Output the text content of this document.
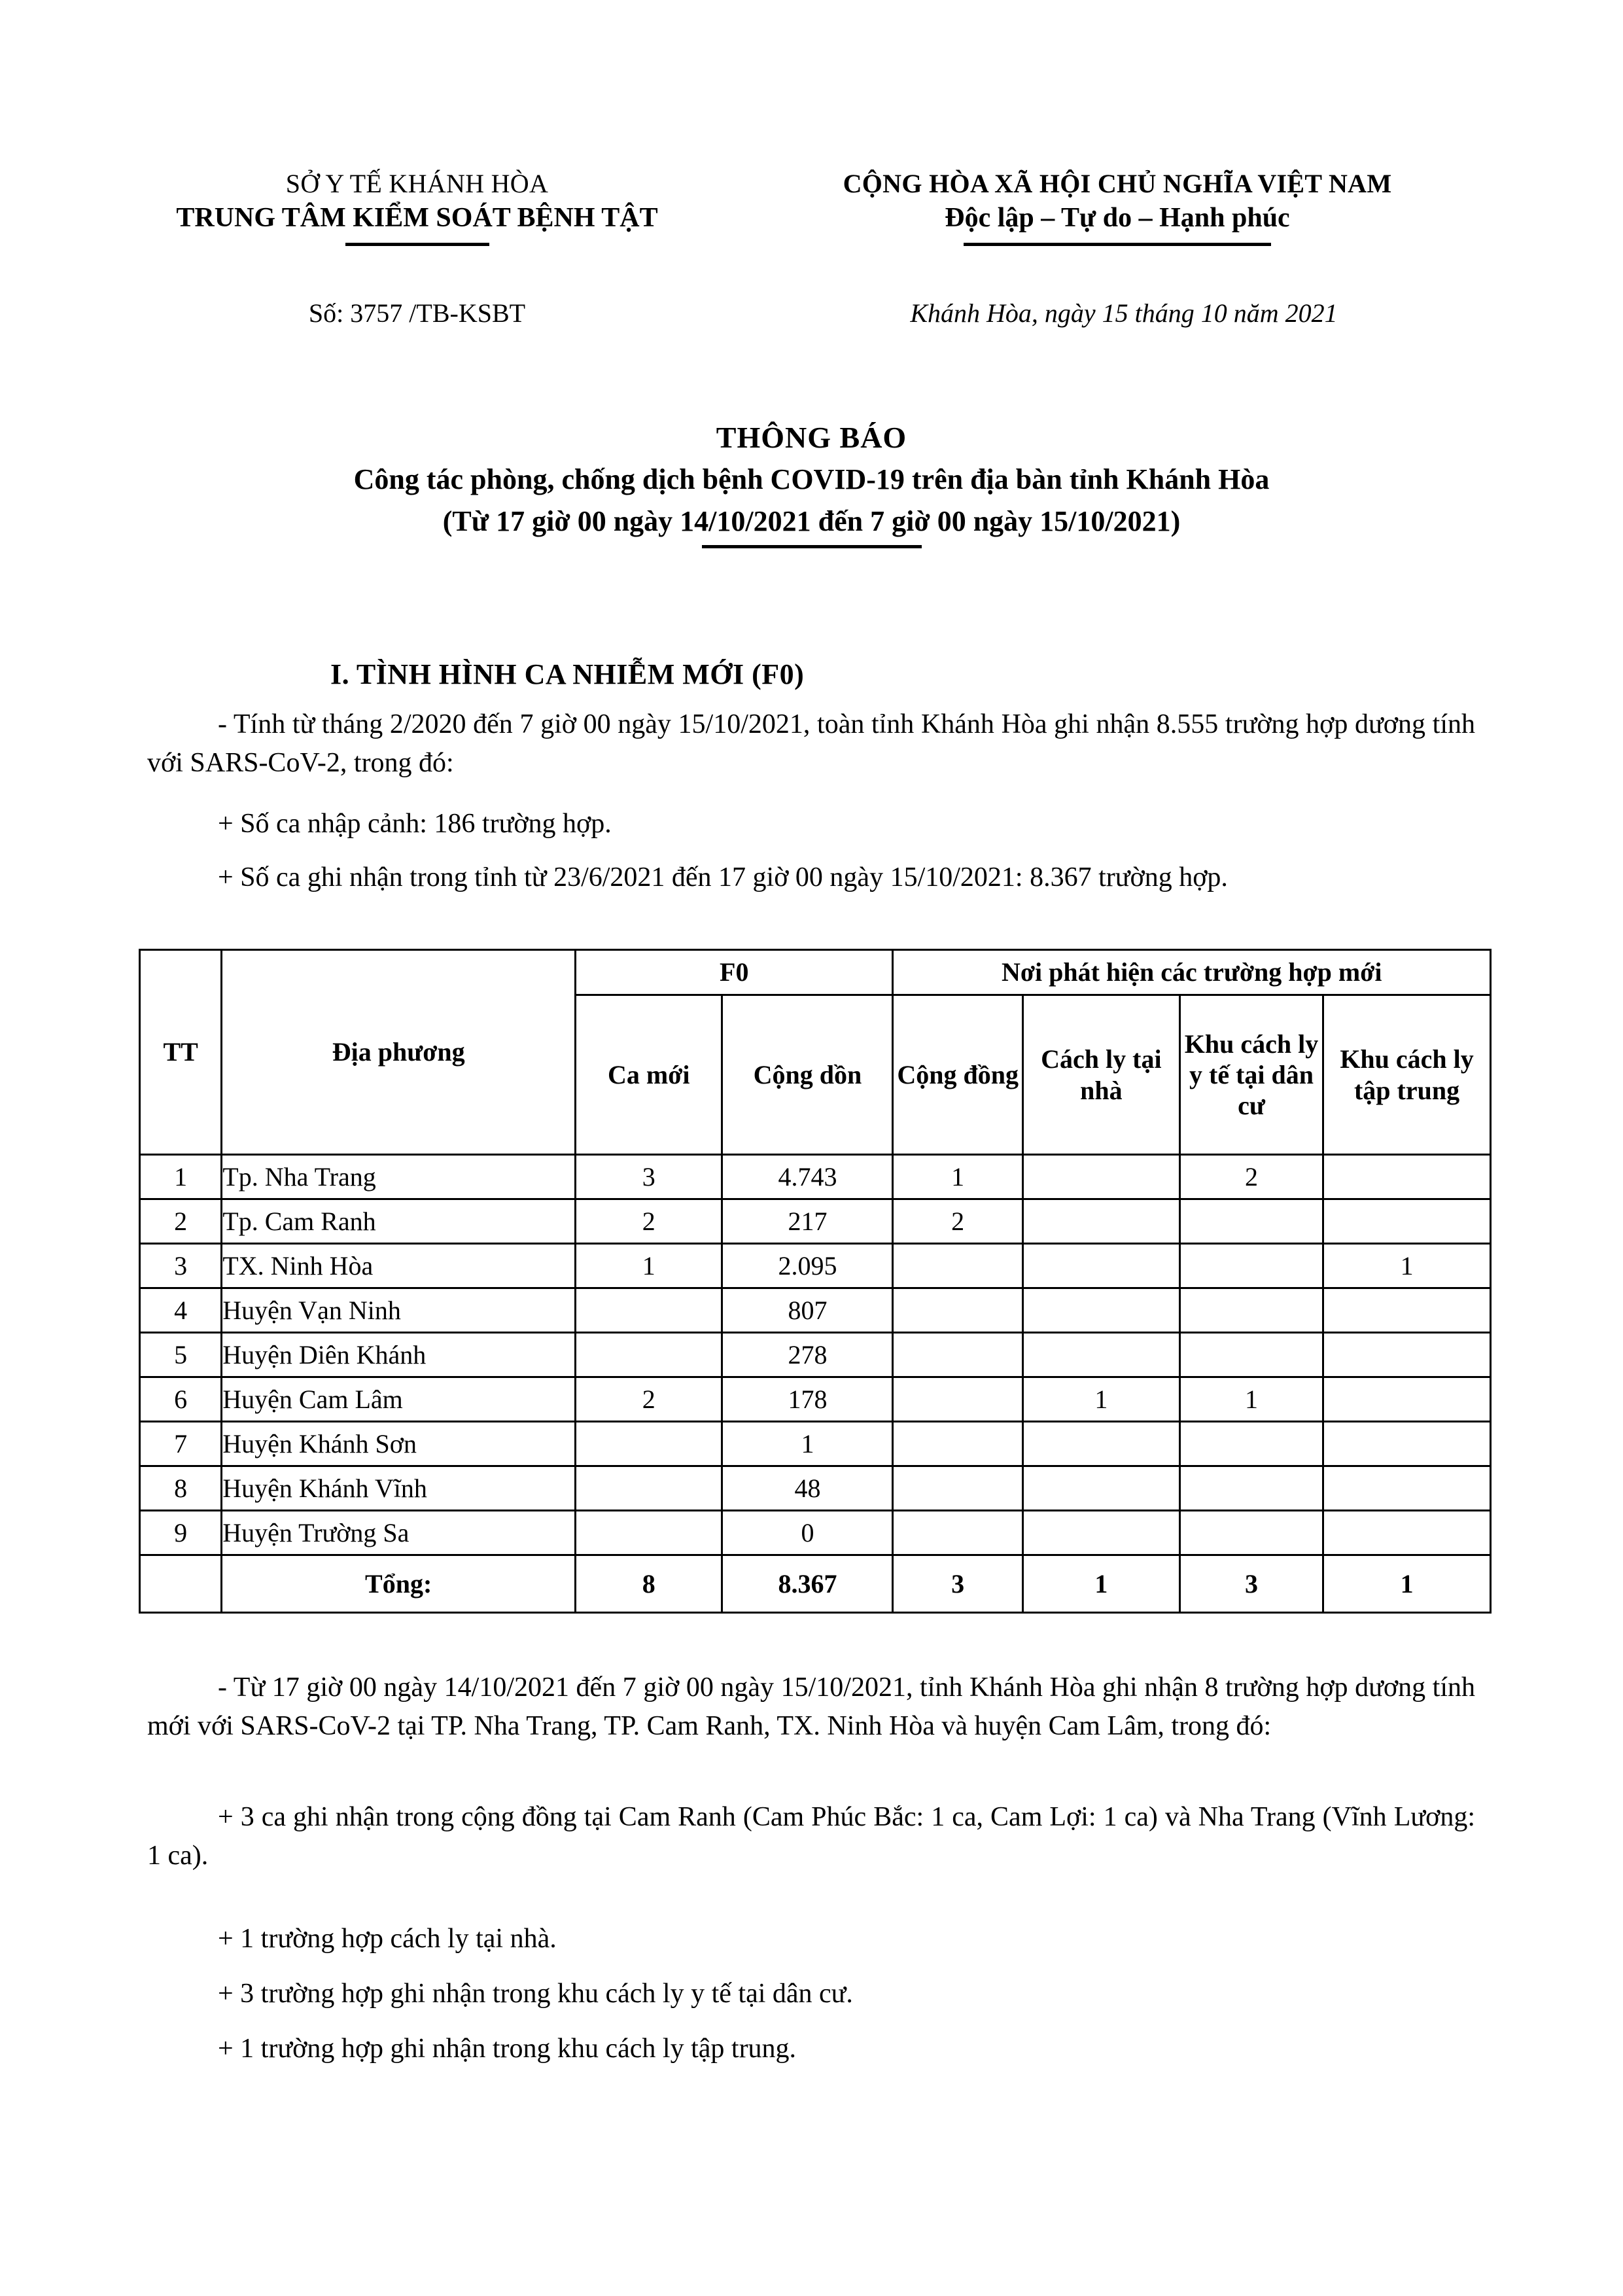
SỞ Y TẾ KHÁNH HÒA
TRUNG TÂM KIỂM SOÁT BỆNH TẬT
CỘNG HÒA XÃ HỘI CHỦ NGHĨA VIỆT NAM
Độc lập – Tự do – Hạnh phúc
Số: 3757 /TB-KSBT	Khánh Hòa, ngày 15 tháng 10 năm 2021
THÔNG BÁO
Công tác phòng, chống dịch bệnh COVID-19 trên địa bàn tỉnh Khánh Hòa
(Từ 17 giờ 00 ngày 14/10/2021 đến 7 giờ 00 ngày 15/10/2021)
I. TÌNH HÌNH CA NHIỄM MỚI (F0)
- Tính từ tháng 2/2020 đến 7 giờ 00 ngày 15/10/2021, toàn tỉnh Khánh Hòa ghi nhận 8.555 trường hợp dương tính với SARS-CoV-2, trong đó:
+ Số ca nhập cảnh: 186 trường hợp.
+ Số ca ghi nhận trong tỉnh từ 23/6/2021 đến 17 giờ 00 ngày 15/10/2021: 8.367 trường hợp.
TT	Địa phương	F0		Nơi phát hiện các trường hợp mới			
		Ca mới	Cộng dồn	Cộng đồng	Cách ly tại nhà	Khu cách ly y tế tại dân cư	Khu cách ly tập trung
1	Tp. Nha Trang	3	4.743	1		2	
2	Tp. Cam Ranh	2	217	2			
3	TX. Ninh Hòa	1	2.095				1
4	Huyện Vạn Ninh		807				
5	Huyện Diên Khánh		278				
6	Huyện Cam Lâm	2	178		1	1	
7	Huyện Khánh Sơn		1				
8	Huyện Khánh Vĩnh		48				
9	Huyện Trường Sa		0				
	Tổng:	8	8.367	3	1	3	1
- Từ 17 giờ 00 ngày 14/10/2021 đến 7 giờ 00 ngày 15/10/2021, tỉnh Khánh Hòa ghi nhận 8 trường hợp dương tính mới với SARS-CoV-2 tại TP. Nha Trang, TP. Cam Ranh, TX. Ninh Hòa và huyện Cam Lâm, trong đó:
+ 3 ca ghi nhận trong cộng đồng tại Cam Ranh (Cam Phúc Bắc: 1 ca, Cam Lợi: 1 ca) và Nha Trang (Vĩnh Lương: 1 ca).
+ 1 trường hợp cách ly tại nhà.
+ 3 trường hợp ghi nhận trong khu cách ly y tế tại dân cư.
+ 1 trường hợp ghi nhận trong khu cách ly tập trung.
